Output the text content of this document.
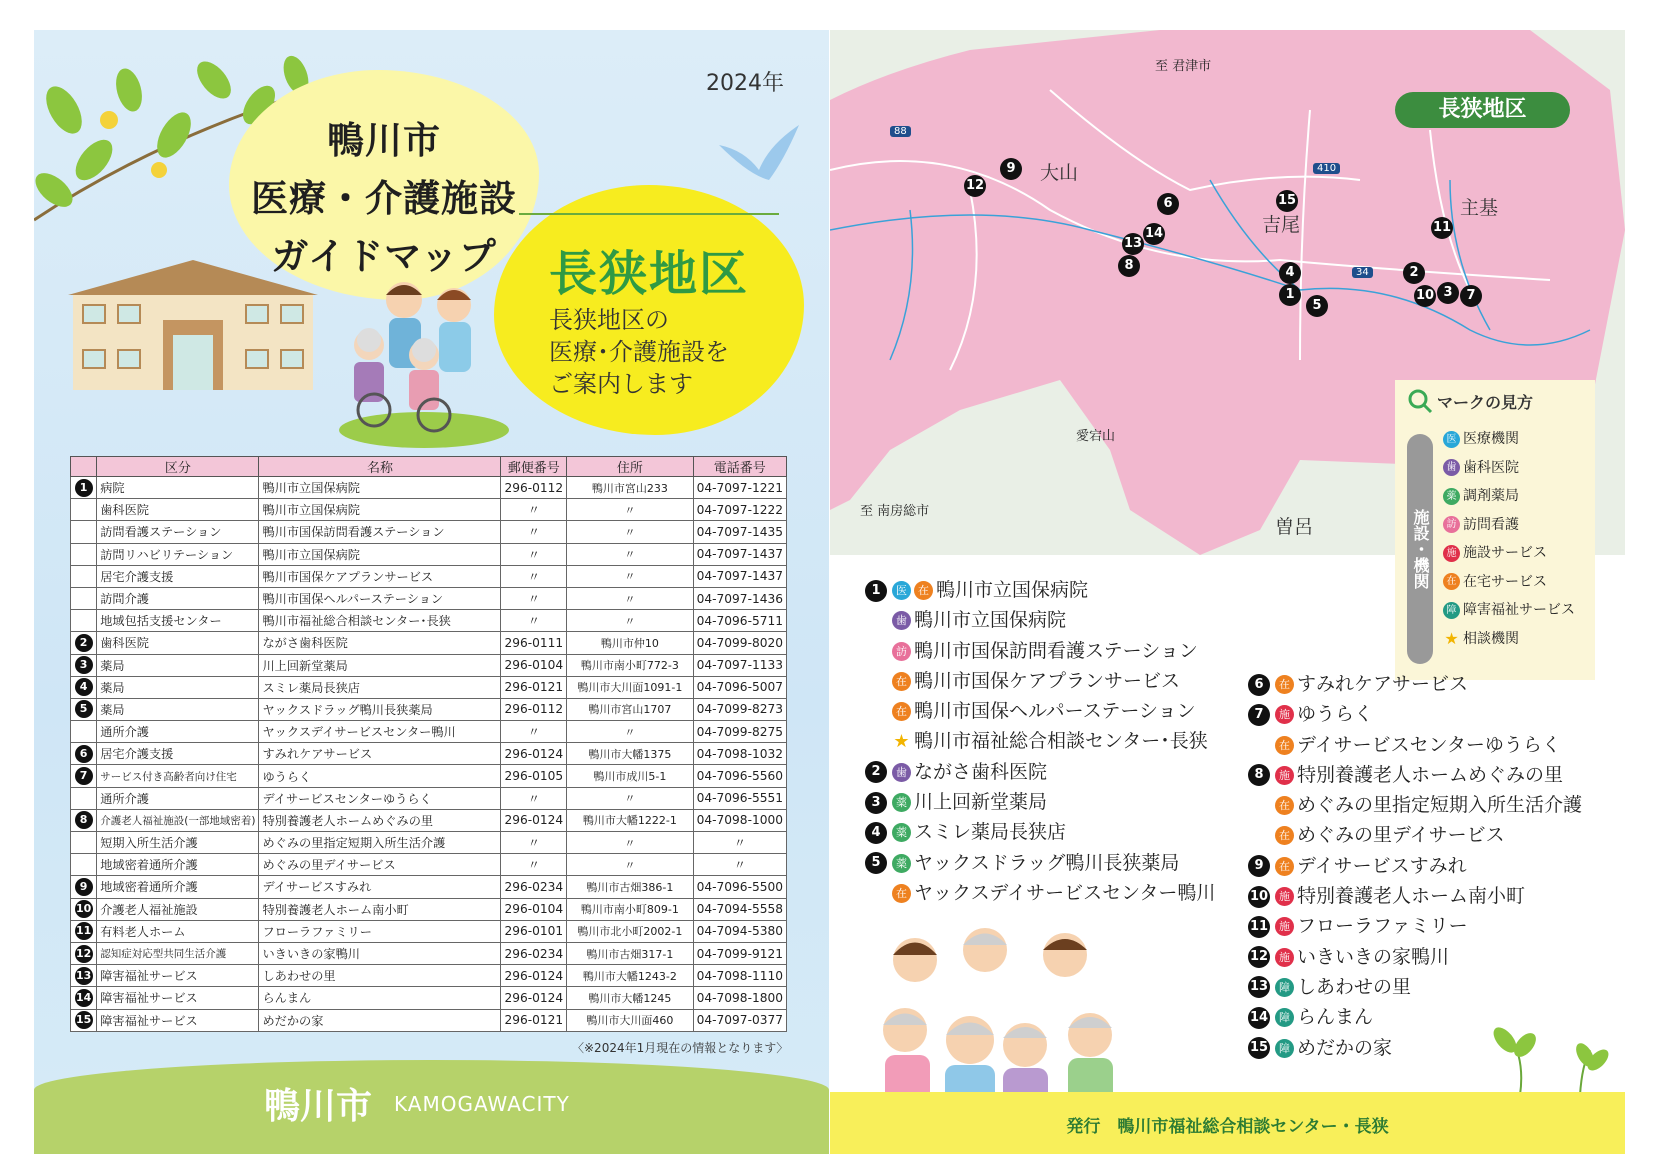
2024年
鴨川市
医療・介護施設
ガイドマップ	長狭地区
長狭地区の
医療･介護施設を
ご案内します
	区分	名称	郵便番号	住所	電話番号
1	病院	鴨川市立国保病院	296-0112	鴨川市宮山233	04-7097-1221
	歯科医院	鴨川市立国保病院	〃	〃	04-7097-1222
	訪問看護ステーション	鴨川市国保訪問看護ステーション	〃	〃	04-7097-1435
	訪問リハビリテーション	鴨川市立国保病院	〃	〃	04-7097-1437
	居宅介護支援	鴨川市国保ケアプランサービス	〃	〃	04-7097-1437
	訪問介護	鴨川市国保ヘルパーステーション	〃	〃	04-7097-1436
	地域包括支援センター	鴨川市福祉総合相談センター･長狭	〃	〃	04-7096-5711
2	歯科医院	ながさ歯科医院	296-0111	鴨川市仲10	04-7099-8020
3	薬局	川上回新堂薬局	296-0104	鴨川市南小町772-3	04-7097-1133
4	薬局	スミレ薬局長狭店	296-0121	鴨川市大川面1091-1	04-7096-5007
5	薬局	ヤックスドラッグ鴨川長狭薬局	296-0112	鴨川市宮山1707	04-7099-8273
	通所介護	ヤックスデイサービスセンター鴨川	〃	〃	04-7099-8275
6	居宅介護支援	すみれケアサービス	296-0124	鴨川市大幡1375	04-7098-1032
7	サービス付き高齢者向け住宅	ゆうらく	296-0105	鴨川市成川5-1	04-7096-5560
	通所介護	デイサービスセンターゆうらく	〃	〃	04-7096-5551
8	介護老人福祉施設(一部地域密着)	特別養護老人ホームめぐみの里	296-0124	鴨川市大幡1222-1	04-7098-1000
	短期入所生活介護	めぐみの里指定短期入所生活介護	〃	〃	〃
	地域密着通所介護	めぐみの里デイサービス	〃	〃	〃
9	地域密着通所介護	デイサービスすみれ	296-0234	鴨川市古畑386-1	04-7096-5500
10	介護老人福祉施設	特別養護老人ホーム南小町	296-0104	鴨川市南小町809-1	04-7094-5558
11	有料老人ホーム	フローラファミリー	296-0101	鴨川市北小町2002-1	04-7094-5380
12	認知症対応型共同生活介護	いきいきの家鴨川	296-0234	鴨川市古畑317-1	04-7099-9121
13	障害福祉サービス	しあわせの里	296-0124	鴨川市大幡1243-2	04-7098-1110
14	障害福祉サービス	らんまん	296-0124	鴨川市大幡1245	04-7098-1800
15	障害福祉サービス	めだかの家	296-0121	鴨川市大川面460	04-7097-0377
〈※2024年1月現在の情報となります〉
鴨川市 KAMOGAWACITY
長狭地区
大山
吉尾
主基
曽呂
愛宕山
至 君津市
至 南房総市
88
410
34
9
12
6
14
13
8
15
11
4
1
5
2
10 3	7
マークの見方
施設・機関
医 医療機関
歯 歯科医院
薬 調剤薬局
訪 訪問看護
施 施設サービス
在 在宅サービス
障 障害福祉サービス
★ 相談機関
1 医 在 鴨川市立国保病院
歯 鴨川市立国保病院
訪 鴨川市国保訪問看護ステーション
在 鴨川市国保ケアプランサービス
在 鴨川市国保ヘルパーステーション
★ 鴨川市福祉総合相談センター･長狭
2 歯 ながさ歯科医院
3 薬 川上回新堂薬局
4 薬 スミレ薬局長狭店
5 薬 ヤックスドラッグ鴨川長狭薬局
在 ヤックスデイサービスセンター鴨川
6 在 すみれケアサービス
7 施 ゆうらく
在 デイサービスセンターゆうらく
8 施 特別養護老人ホームめぐみの里
在 めぐみの里指定短期入所生活介護
在 めぐみの里デイサービス
9 在 デイサービスすみれ
10 施 特別養護老人ホーム南小町
11 施 フローラファミリー
12 施 いきいきの家鴨川
13 障 しあわせの里
14 障 らんまん
15 障 めだかの家
発行　鴨川市福祉総合相談センター・長狭
